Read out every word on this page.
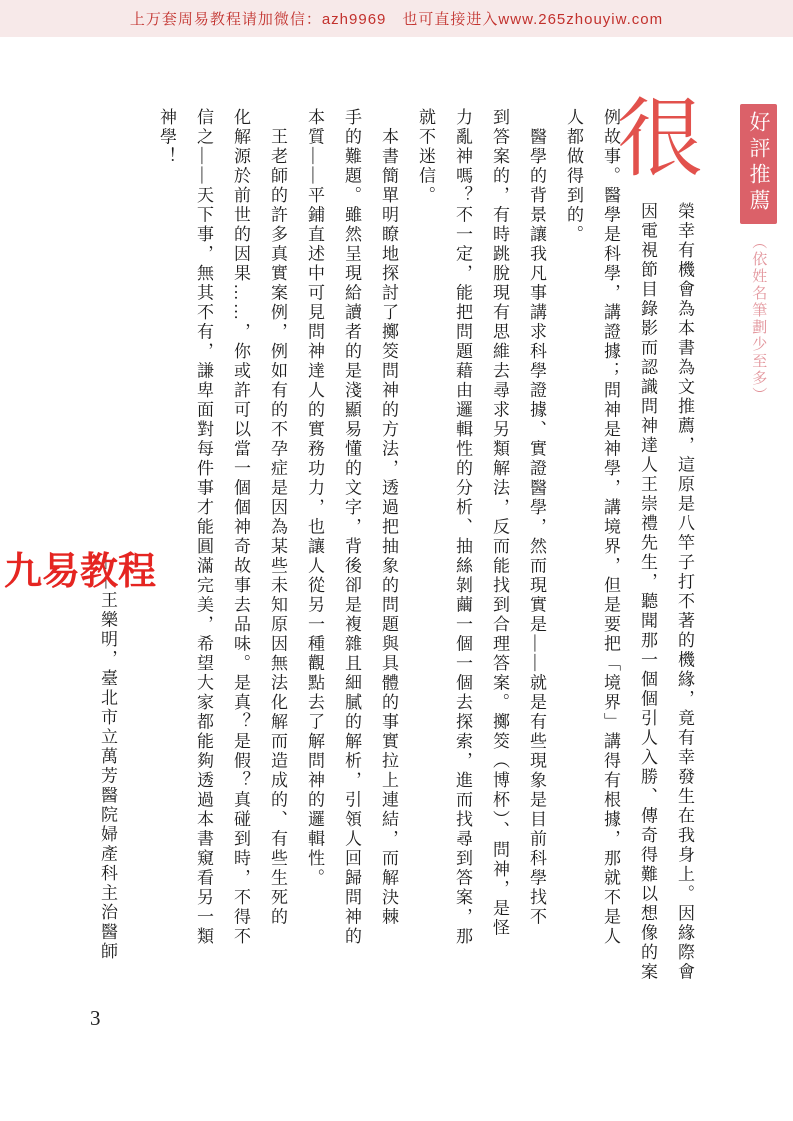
上万套周易教程请加微信：azh9969　也可直接进入www.265zhouyiw.com
好評推薦
（依姓名筆劃少至多）
很
榮幸有機會為本書為文推薦，這原是八竿子打不著的機緣，竟有幸發生在我身上。因緣際會
因電視節目錄影而認識問神達人王崇禮先生，聽聞那一個個引人入勝、傳奇得難以想像的案
例故事。醫學是科學，講證據；問神是神學，講境界，但是要把「境界」講得有根據，那就不是人
人都做得到的。
　醫學的背景讓我凡事講求科學證據、實證醫學，然而現實是——就是有些現象是目前科學找不
到答案的，有時跳脫現有思維去尋求另類解法，反而能找到合理答案。擲筊（博杯）、問神，是怪
力亂神嗎？不一定，能把問題藉由邏輯性的分析、抽絲剝繭一個一個去探索，進而找尋到答案，那
就不迷信。
　本書簡單明瞭地探討了擲筊問神的方法，透過把抽象的問題與具體的事實拉上連結，而解決棘
手的難題。雖然呈現給讀者的是淺顯易懂的文字，背後卻是複雜且細膩的解析，引領人回歸問神的
本質——平鋪直述中可見問神達人的實務功力，也讓人從另一種觀點去了解問神的邏輯性。
　王老師的許多真實案例，例如有的不孕症是因為某些未知原因無法化解而造成的、有些生死的
化解源於前世的因果……，你或許可以當一個個神奇故事去品味。是真？是假？真碰到時，不得不
信之——天下事，無其不有，謙卑面對每件事才能圓滿完美，希望大家都能夠透過本書窺看另一類
神學！
——王樂明，臺北市立萬芳醫院婦產科主治醫師
九易教程
3
